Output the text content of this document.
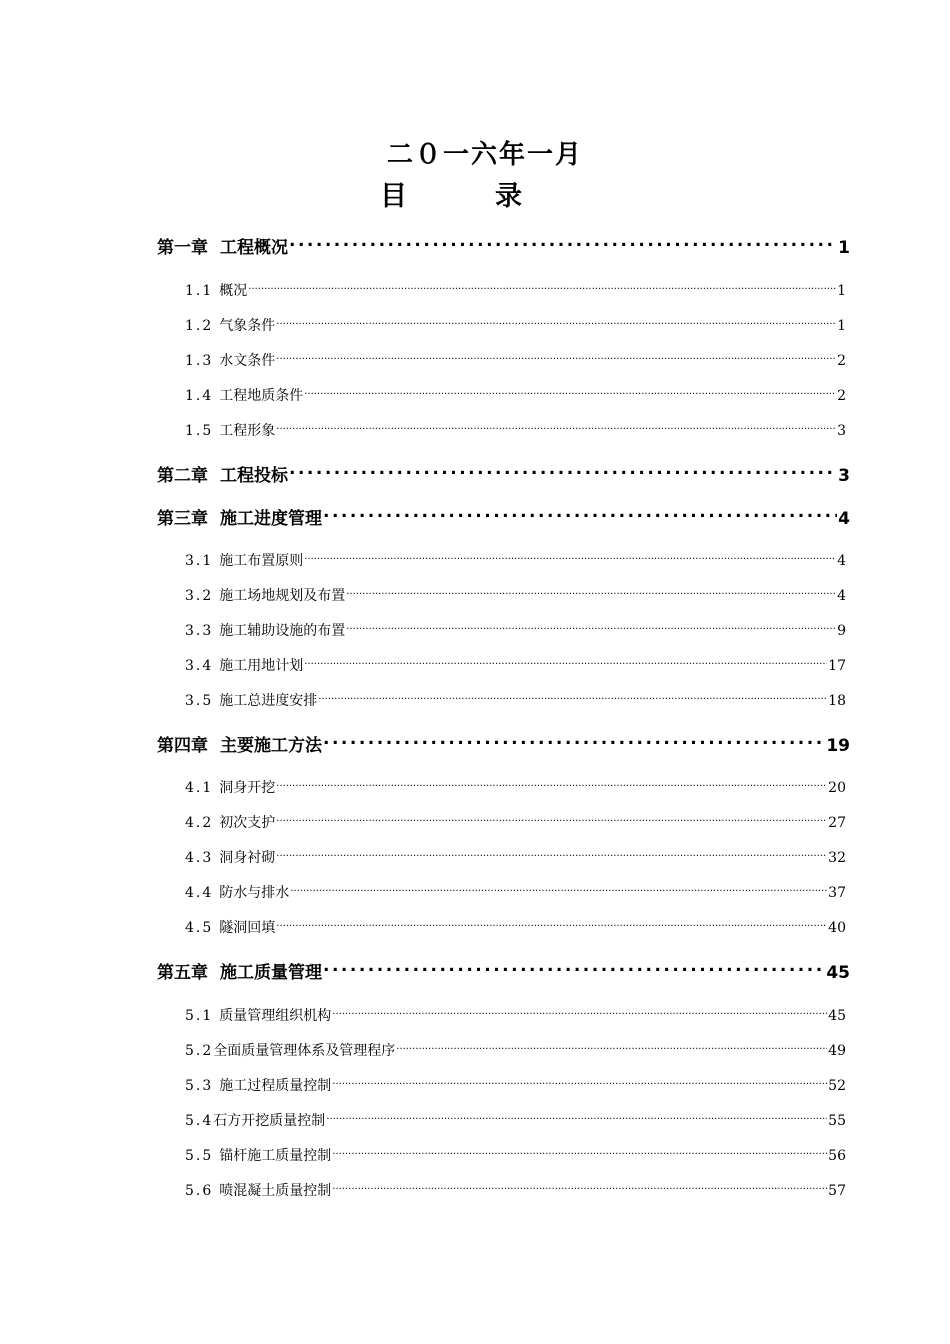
二０一六年一月
目录
第一章 工程概况 .....	1
1.1 概况 .....	1
1.2 气象条件 .....	1
1.3 水文条件 .....	2
1.4 工程地质条件 .....	2
1.5 工程形象 .....	3
第二章 工程投标 .....	3
第三章 施工进度管理 .....	4
3.1 施工布置原则 .....	4
3.2 施工场地规划及布置 .....	4
3.3 施工辅助设施的布置 .....	9
3.4 施工用地计划 .....	17
3.5 施工总进度安排 .....	18
第四章 主要施工方法 .....	19
4.1 洞身开挖 .....	20
4.2 初次支护 .....	27
4.3 洞身衬砌 .....	32
4.4 防水与排水 .....	37
4.5 隧洞回填 .....	40
第五章 施工质量管理 .....	45
5.1 质量管理组织机构 .....	45
5.2 全面质量管理体系及管理程序 .....	49
5.3 施工过程质量控制 .....	52
5.4 石方开挖质量控制 .....	55
5.5 锚杆施工质量控制 .....	56
5.6 喷混凝土质量控制 .....	57
